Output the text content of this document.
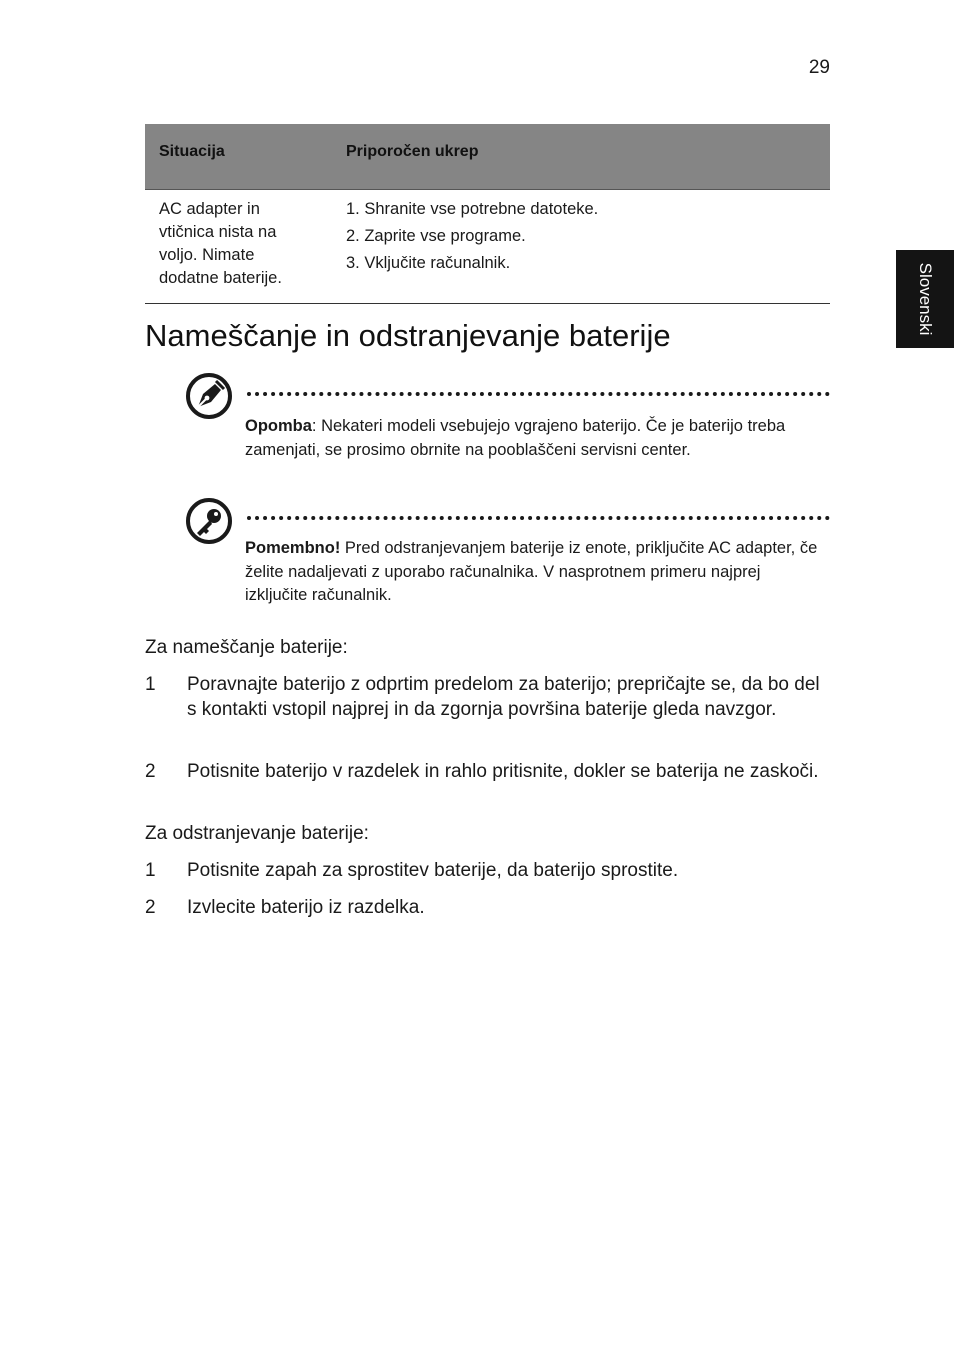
29
Slovenski
Situacija	Priporočen ukrep

AC adapter in vtičnica nista na voljo. Nimate dodatne baterije.	1. Shranite vse potrebne datoteke.
2. Zaprite vse programe.
3. Vključite računalnik.
Nameščanje in odstranjevanje baterije
Opomba: Nekateri modeli vsebujejo vgrajeno baterijo. Če je baterijo treba zamenjati, se prosimo obrnite na pooblaščeni servisni center.
Pomembno! Pred odstranjevanjem baterije iz enote, priključite AC adapter, če želite nadaljevati z uporabo računalnika. V nasprotnem primeru najprej izključite računalnik.

Za nameščanje baterije:

1 Poravnajte baterijo z odprtim predelom za baterijo; prepričajte se, da bo del s kontakti vstopil najprej in da zgornja površina baterije gleda navzgor.
2 Potisnite baterijo v razdelek in rahlo pritisnite, dokler se baterija ne zaskoči.

Za odstranjevanje baterije:

1 Potisnite zapah za sprostitev baterije, da baterijo sprostite.
2 Izvlecite baterijo iz razdelka.
